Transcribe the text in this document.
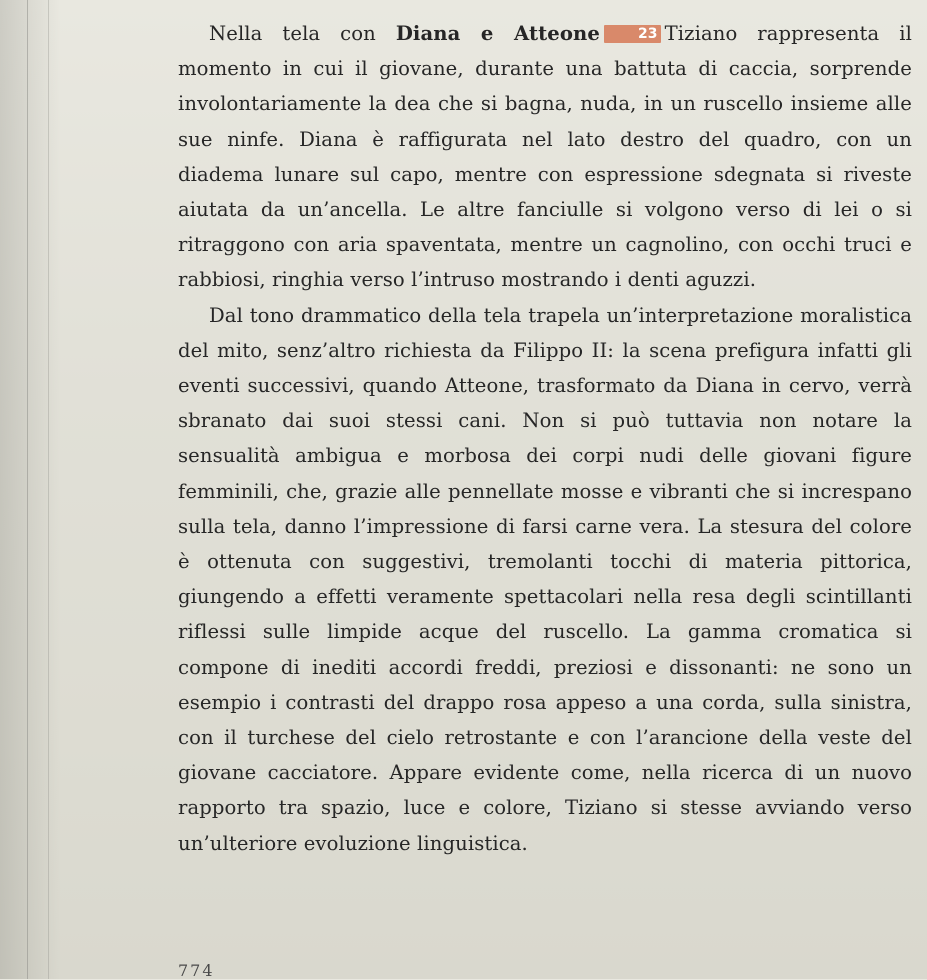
Nella tela con Diana e Atteone	23 Tiziano rappresenta il momento in cui il giovane, durante una battuta di caccia, sorprende involontariamente la dea che si bagna, nuda, in un ruscello insieme alle sue ninfe. Diana è raffigurata nel lato destro del quadro, con un diadema lunare sul capo, mentre con espressione sdegnata si riveste aiutata da un’ancella. Le altre fanciulle si volgono verso di lei o si ritraggono con aria spaventata, mentre un cagnolino, con occhi truci e rabbiosi, ringhia verso l’intruso mostrando i denti aguzzi.

Dal tono drammatico della tela trapela un’interpretazione moralistica del mito, senz’altro richiesta da Filippo II: la scena prefigura infatti gli eventi successivi, quando Atteone, trasformato da Diana in cervo, verrà sbranato dai suoi stessi cani. Non si può tuttavia non notare la sensualità ambigua e morbosa dei corpi nudi delle giovani figure femminili, che, grazie alle pennellate mosse e vibranti che si increspano sulla tela, danno l’impressione di farsi carne vera. La stesura del colore è ottenuta con suggestivi, tremolanti tocchi di materia pittorica, giungendo a effetti veramente spettacolari nella resa degli scintillanti riflessi sulle limpide acque del ruscello. La gamma cromatica si compone di inediti accordi freddi, preziosi e dissonanti: ne sono un esempio i contrasti del drappo rosa appeso a una corda, sulla sinistra, con il turchese del cielo retrostante e con l’arancione della veste del giovane cacciatore. Appare evidente come, nella ricerca di un nuovo rapporto tra spazio, luce e colore, Tiziano si stesse avviando verso un’ulteriore evoluzione linguistica.

774
